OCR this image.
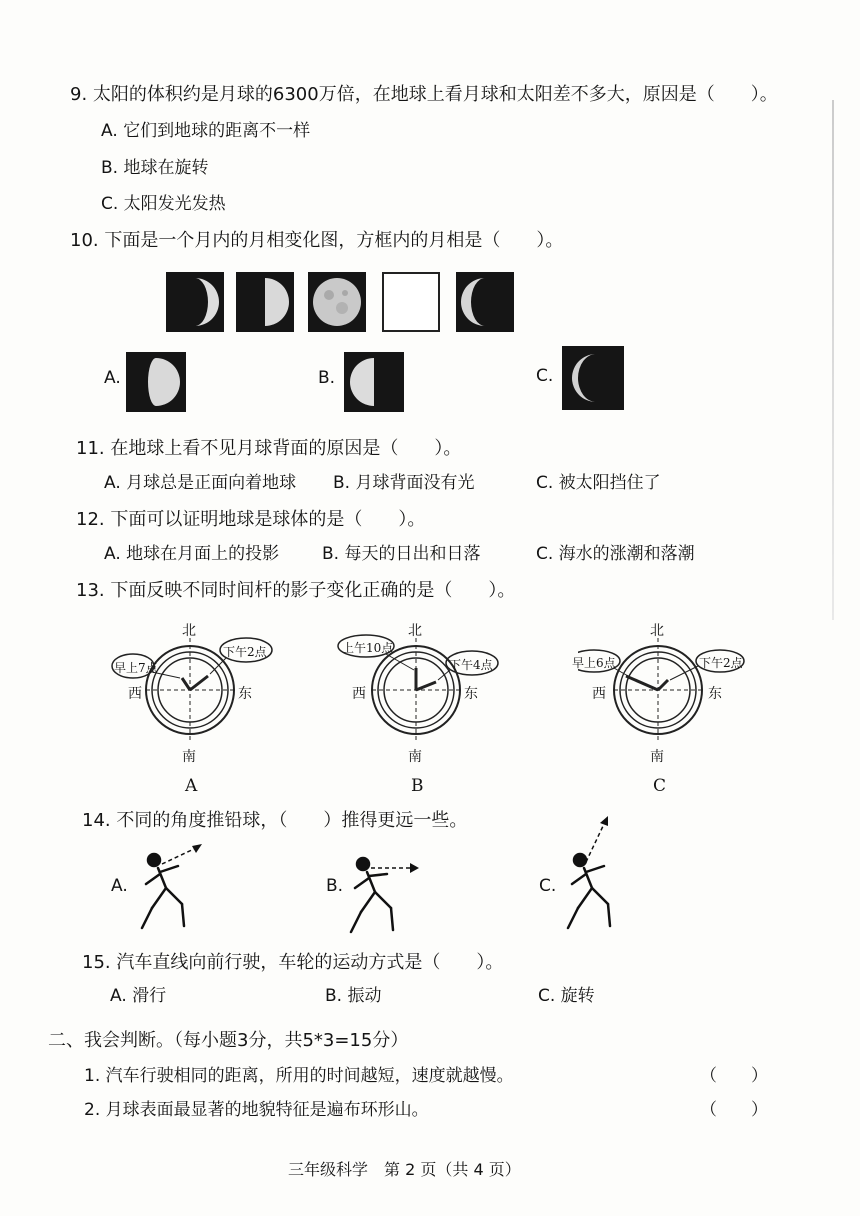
9. 太阳的体积约是月球的6300万倍，在地球上看月球和太阳差不多大，原因是（　　）。
A. 它们到地球的距离不一样
B. 地球在旋转
C. 太阳发光发热
10. 下面是一个月内的月相变化图，方框内的月相是（　　）。
A.	B.	C.
11. 在地球上看不见月球背面的原因是（　　）。
A. 月球总是正面向着地球 B. 月球背面没有光	C. 被太阳挡住了
12. 下面可以证明地球是球体的是（　　）。
A. 地球在月面上的投影	B. 每天的日出和日落	C. 海水的涨潮和落潮
13. 下面反映不同时间杆的影子变化正确的是（　　）。
早上7点
下午2点
北
南
西	东
A
上午10点
下午4点
北
南
西	东
B
早上6点	下午2点
北
南
西	东
C
14. 不同的角度推铅球，（　　）推得更远一些。
A.	B.	C.
15. 汽车直线向前行驶，车轮的运动方式是（　　）。
A. 滑行	B. 振动	C. 旋转
二、我会判断。（每小题3分，共5*3=15分）
1. 汽车行驶相同的距离，所用的时间越短，速度就越慢。	（　　）
2. 月球表面最显著的地貌特征是遍布环形山。	（　　）
三年级科学　第 2 页（共 4 页）
